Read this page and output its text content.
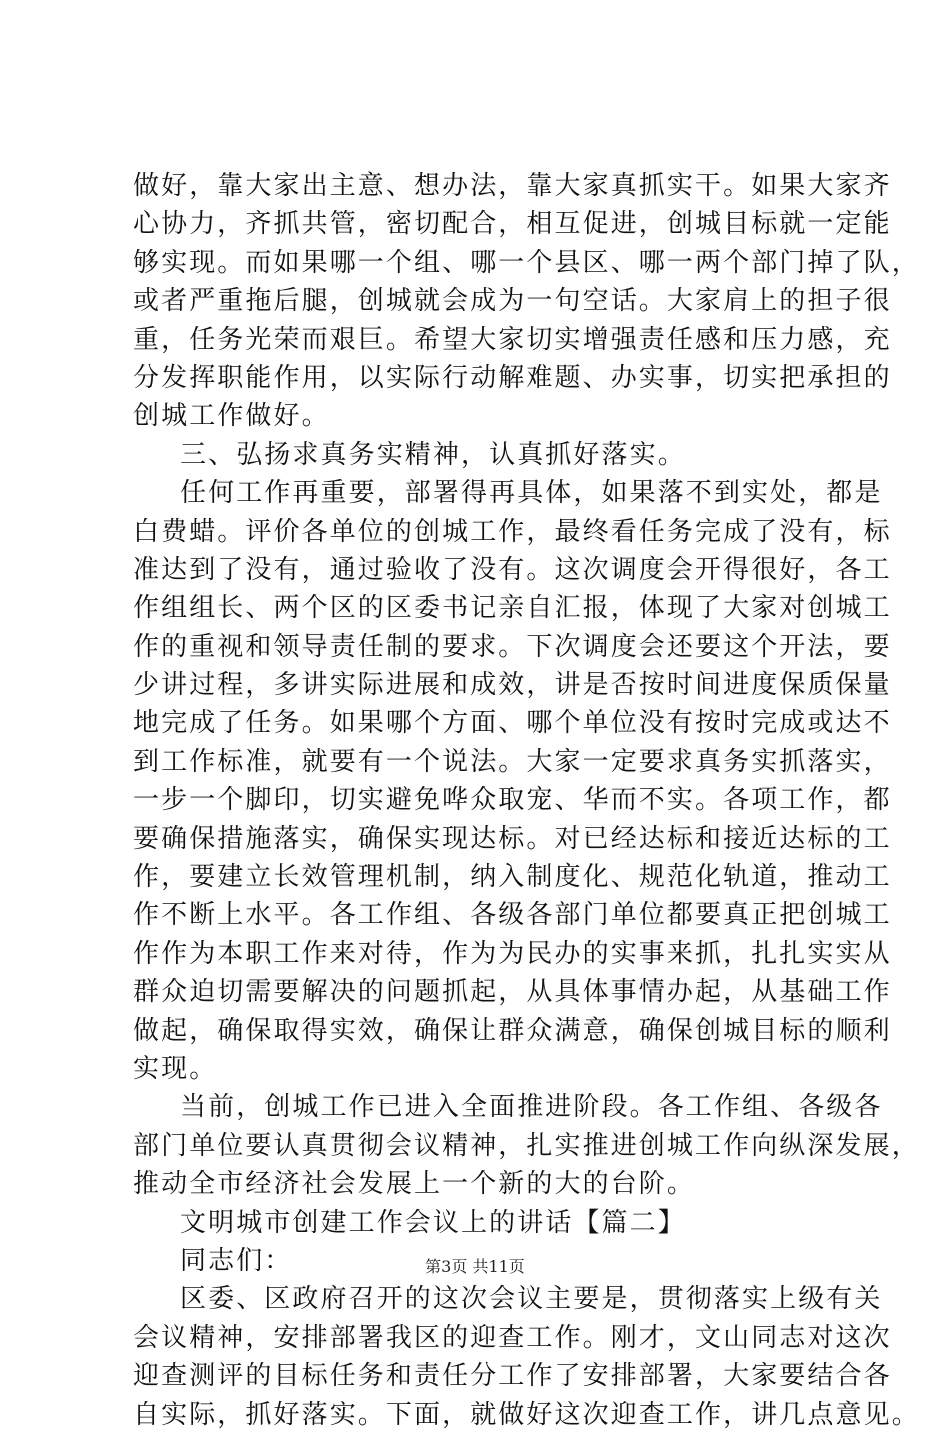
做好，靠大家出主意、想办法，靠大家真抓实干。如果大家齐
心协力，齐抓共管，密切配合，相互促进，创城目标就一定能
够实现。而如果哪一个组、哪一个县区、哪一两个部门掉了队，
或者严重拖后腿，创城就会成为一句空话。大家肩上的担子很
重，任务光荣而艰巨。希望大家切实增强责任感和压力感，充
分发挥职能作用，以实际行动解难题、办实事，切实把承担的
创城工作做好。
三、弘扬求真务实精神，认真抓好落实。
任何工作再重要，部署得再具体，如果落不到实处，都是
白费蜡。评价各单位的创城工作，最终看任务完成了没有，标
准达到了没有，通过验收了没有。这次调度会开得很好，各工
作组组长、两个区的区委书记亲自汇报，体现了大家对创城工
作的重视和领导责任制的要求。下次调度会还要这个开法，要
少讲过程，多讲实际进展和成效，讲是否按时间进度保质保量
地完成了任务。如果哪个方面、哪个单位没有按时完成或达不
到工作标准，就要有一个说法。大家一定要求真务实抓落实，
一步一个脚印，切实避免哗众取宠、华而不实。各项工作，都
要确保措施落实，确保实现达标。对已经达标和接近达标的工
作，要建立长效管理机制，纳入制度化、规范化轨道，推动工
作不断上水平。各工作组、各级各部门单位都要真正把创城工
作作为本职工作来对待，作为为民办的实事来抓，扎扎实实从
群众迫切需要解决的问题抓起，从具体事情办起，从基础工作
做起，确保取得实效，确保让群众满意，确保创城目标的顺利
实现。
当前，创城工作已进入全面推进阶段。各工作组、各级各
部门单位要认真贯彻会议精神，扎实推进创城工作向纵深发展，
推动全市经济社会发展上一个新的大的台阶。
文明城市创建工作会议上的讲话【篇二】
同志们：
区委、区政府召开的这次会议主要是，贯彻落实上级有关
会议精神，安排部署我区的迎查工作。刚才，文山同志对这次
迎查测评的目标任务和责任分工作了安排部署，大家要结合各
自实际，抓好落实。下面，就做好这次迎查工作，讲几点意见。
第3页 共11页
